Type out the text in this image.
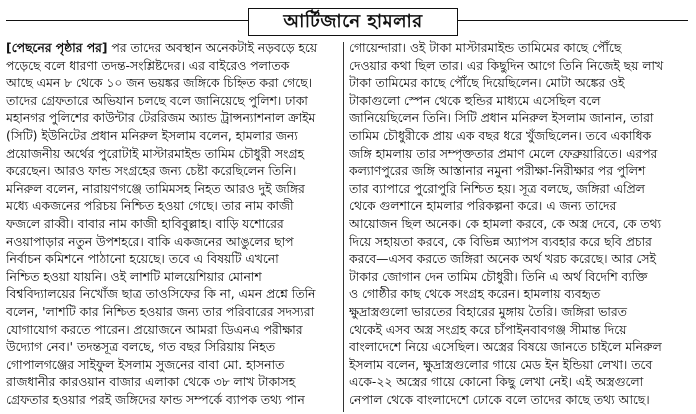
আর্টিজানে হামলার
[পেছনের পৃষ্ঠার পর] পর তাদের অবস্থান অনেকটাই নড়বড়ে হয়ে
পড়েছে বলে ধারণা তদন্ত-সংশ্লিষ্টদের। এর বাইরেও পলাতক
আছে এমন ৮ থেকে ১০ জন ভয়ঙ্কর জঙ্গিকে চিহ্নিত করা গেছে।
তাদের গ্রেফতারে অভিযান চলছে বলে জানিয়েছে পুলিশ। ঢাকা
মহানগর পুলিশের কাউন্টার টেররিজম অ্যান্ড ট্রান্সন্যাশনাল ক্রাইম
(সিটি) ইউনিটের প্রধান মনিরুল ইসলাম বলেন, হামলার জন্য
প্রয়োজনীয় অর্থের পুরোটাই মাস্টারমাইন্ড তামিম চৌধুরী সংগ্রহ
করেছেন। আরও ফান্ড সংগ্রহের জন্য চেষ্টা করেছিলেন তিনি।
মনিরুল বলেন, নারায়ণগঞ্জে তামিমসহ নিহত আরও দুই জঙ্গির
মধ্যে একজনের পরিচয় নিশ্চিত হওয়া গেছে। তার নাম কাজী
ফজলে রাব্বী। বাবার নাম কাজী হাবিবুল্লাহ। বাড়ি যশোরের
নওয়াপাড়ার নতুন উপশহরে। বাকি একজনের আঙুলের ছাপ
নির্বাচন কমিশনে পাঠানো হয়েছে। তবে এ বিষয়টি এখনো
নিশ্চিত হওয়া যায়নি। ওই লাশটি মালয়েশিয়ার মোনাশ
বিশ্ববিদ্যালয়ের নিখোঁজ ছাত্র তাওসিফের কি না, এমন প্রশ্নে তিনি
বলেন, 'লাশটি কার নিশ্চিত হওয়ার জন্য তার পরিবারের সদস্যরা
যোগাযোগ করতে পারেন। প্রয়োজনে আমরা ডিএনএ পরীক্ষার
উদ্যোগ নেব।' তদন্তসূত্র বলছে, গত বছর সিরিয়ায় নিহত
গোপালগঞ্জের সাইফুল ইসলাম সুজনের বাবা মো. হাসনাত
রাজধানীর কারওয়ান বাজার এলাকা থেকে ৩৮ লাখ টাকাসহ
গ্রেফতার হওয়ার পরই জঙ্গিদের ফান্ড সম্পর্কে ব্যাপক তথ্য পান
গোয়েন্দারা। ওই টাকা মাস্টারমাইন্ড তামিমের কাছে পৌঁছে
দেওয়ার কথা ছিল তার। এর কিছুদিন আগে তিনি নিজেই ছয় লাখ
টাকা তামিমের কাছে পৌঁছে দিয়েছিলেন। মোটা অঙ্কের ওই
টাকাগুলো স্পেন থেকে হুন্ডির মাধ্যমে এসেছিল বলে
জানিয়েছিলেন তিনি। সিটি প্রধান মনিরুল ইসলাম জানান, তারা
তামিম চৌধুরীকে প্রায় এক বছর ধরে খুঁজছিলেন। তবে একাধিক
জঙ্গি হামলায় তার সম্পৃক্ততার প্রমাণ মেলে ফেব্রুয়ারিতে। এরপর
কল্যাণপুরের জঙ্গি আস্তানার নমুনা পরীক্ষা-নিরীক্ষার পর পুলিশ
তার ব্যাপারে পুরোপুরি নিশ্চিত হয়। সূত্র বলছে, জঙ্গিরা এপ্রিল
থেকে গুলশানে হামলার পরিকল্পনা করে। এ জন্য তাদের
আয়োজন ছিল অনেক। কে হামলা করবে, কে অস্ত্র দেবে, কে তথ্য
দিয়ে সহায়তা করবে, কে বিভিন্ন অ্যাপস ব্যবহার করে ছবি প্রচার
করবে—এসব করতে জঙ্গিরা অনেক অর্থ খরচ করেছে। আর সেই
টাকার জোগান দেন তামিম চৌধুরী। তিনি এ অর্থ বিদেশি ব্যক্তি
ও গোষ্ঠীর কাছ থেকে সংগ্রহ করেন। হামলায় ব্যবহৃত
ক্ষুদ্রাস্ত্রগুলো ভারতের বিহারের মুঙ্গায় তৈরি। জঙ্গিরা ভারত
থেকেই এসব অস্ত্র সংগ্রহ করে চাঁপাইনবাবগঞ্জ সীমান্ত দিয়ে
বাংলাদেশে নিয়ে এসেছিল। অস্ত্রের বিষয়ে জানতে চাইলে মনিরুল
ইসলাম বলেন, ক্ষুদ্রাস্ত্রগুলোর গায়ে মেড ইন ইন্ডিয়া লেখা। তবে
একে-২২ অস্ত্রের গায়ে কোনো কিছু লেখা নেই। এই অস্ত্রগুলো
নেপাল থেকে বাংলাদেশে ঢোকে বলে তাদের কাছে তথ্য আছে।
